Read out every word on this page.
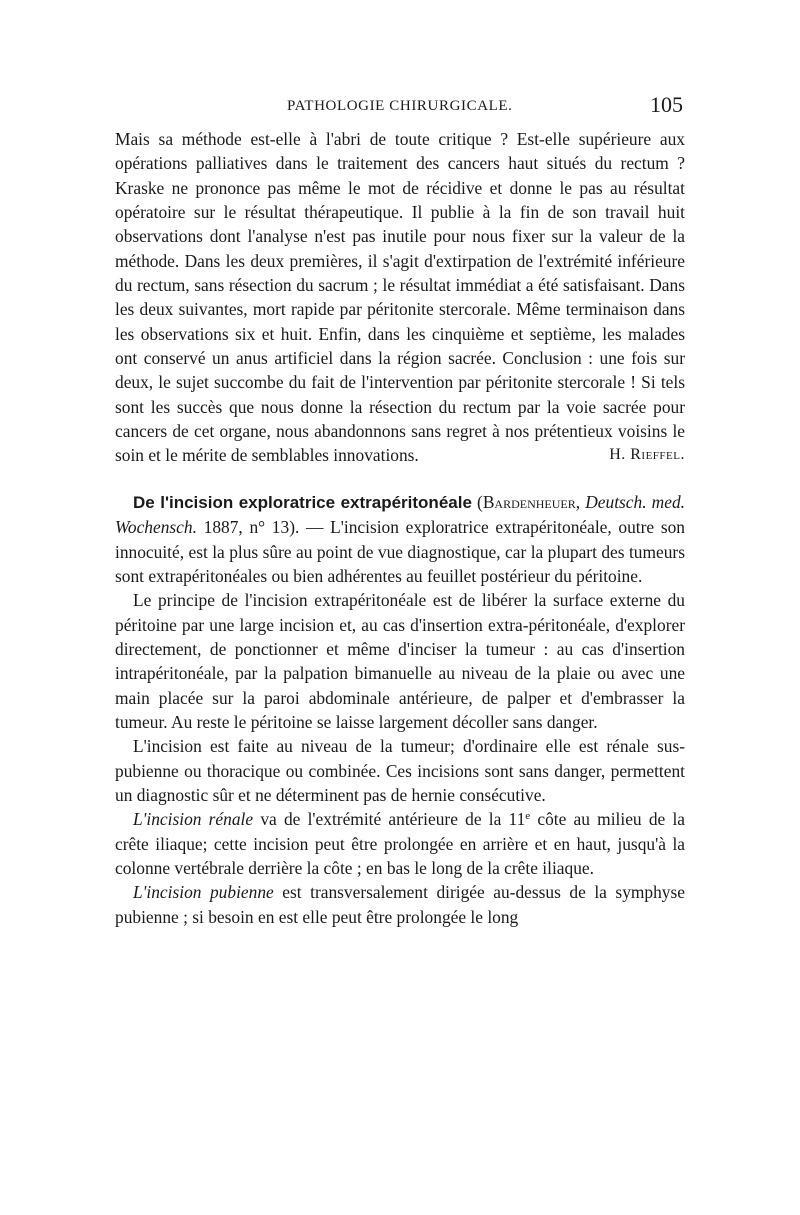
PATHOLOGIE CHIRURGICALE.	105

Mais sa méthode est-elle à l'abri de toute critique ? Est-elle supérieure aux opérations palliatives dans le traitement des cancers haut situés du rectum ? Kraske ne prononce pas même le mot de récidive et donne le pas au résultat opératoire sur le résultat thérapeutique. Il publie à la fin de son travail huit observations dont l'analyse n'est pas inutile pour nous fixer sur la valeur de la méthode. Dans les deux premières, il s'agit d'extirpation de l'extrémité inférieure du rectum, sans résection du sacrum ; le résultat immédiat a été satisfaisant. Dans les deux suivantes, mort rapide par péritonite stercorale. Même terminaison dans les observations six et huit. Enfin, dans les cinquième et septième, les malades ont conservé un anus artificiel dans la région sacrée. Conclusion : une fois sur deux, le sujet succombe du fait de l'intervention par péritonite stercorale ! Si tels sont les succès que nous donne la résection du rectum par la voie sacrée pour cancers de cet organe, nous abandonnons sans regret à nos prétentieux voisins le soin et le mérite de semblables innovations.	H. Rieffel.

De l'incision exploratrice extrapéritonéale (Bardenheuer, Deutsch. med. Wochensch. 1887, n° 13). — L'incision exploratrice extrapéritonéale, outre son innocuité, est la plus sûre au point de vue diagnostique, car la plupart des tumeurs sont extrapéritonéales ou bien adhérentes au feuillet postérieur du péritoine.

Le principe de l'incision extrapéritonéale est de libérer la surface externe du péritoine par une large incision et, au cas d'insertion extra-péritonéale, d'explorer directement, de ponctionner et même d'inciser la tumeur : au cas d'insertion intrapéritonéale, par la palpation bimanuelle au niveau de la plaie ou avec une main placée sur la paroi abdominale antérieure, de palper et d'embrasser la tumeur. Au reste le péritoine se laisse largement décoller sans danger.

L'incision est faite au niveau de la tumeur; d'ordinaire elle est rénale sus-pubienne ou thoracique ou combinée. Ces incisions sont sans danger, permettent un diagnostic sûr et ne déterminent pas de hernie consécutive.

L'incision rénale va de l'extrémité antérieure de la 11e côte au milieu de la crête iliaque; cette incision peut être prolongée en arrière et en haut, jusqu'à la colonne vertébrale derrière la côte ; en bas le long de la crête iliaque.

L'incision pubienne est transversalement dirigée au-dessus de la symphyse pubienne ; si besoin en est elle peut être prolongée le long
